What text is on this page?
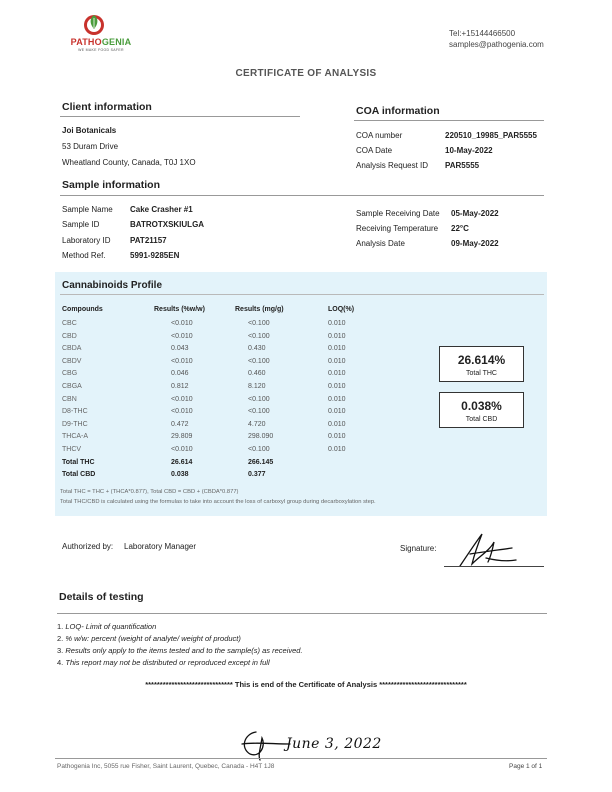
PATHOGENIA
WE MAKE FOOD SAFER
Tel:+15144466500
samples@pathogenia.com
CERTIFICATE OF ANALYSIS
Client information
Joi Botanicals
53 Duram Drive
Wheatland County, Canada, T0J 1XO
COA information
COA number	220510_19985_PAR5555
COA Date	10-May-2022
Analysis Request ID PAR5555
Sample information
Sample Name Cake Crasher #1
Sample ID	BATROTXSKIULGA
Laboratory ID PAT21157
Method Ref.	5991-9285EN
Sample Receiving Date 05-May-2022
Receiving Temperature 22°C
Analysis Date	09-May-2022
Cannabinoids Profile
Compounds	Results (%w/w)	Results (mg/g)	LOQ(%)
CBC	<0.010	<0.100	0.010
CBD	<0.010	<0.100	0.010
CBDA	0.043	0.430	0.010
CBDV	<0.010	<0.100	0.010
CBG	0.046	0.460	0.010
CBGA	0.812	8.120	0.010
CBN	<0.010	<0.100	0.010
D8-THC	<0.010	<0.100	0.010
D9-THC	0.472	4.720	0.010
THCA-A	29.809	298.090	0.010
THCV	<0.010	<0.100	0.010
Total THC	26.614	266.145
Total CBD	0.038	0.377
26.614%
Total THC
0.038%
Total CBD
Total THC = THC + (THCA*0.877), Total CBD = CBD + (CBDA*0.877)
Total THC/CBD is calculated using the formulas to take into account the loss of carboxyl group during decarboxylation step.
Authorized by: Laboratory Manager	Signature:
Details of testing
1. LOQ- Limit of quantification
2. % w/w: percent (weight of analyte/ weight of product)
3. Results only apply to the items tested and to the sample(s) as received.
4. This report may not be distributed or reproduced except in full
****************************** This is end of the Certificate of Analysis ******************************
June 3, 2022
Pathogenia Inc, 5055 rue Fisher, Saint Laurent, Quebec, Canada - H4T 1J8	Page 1 of 1
